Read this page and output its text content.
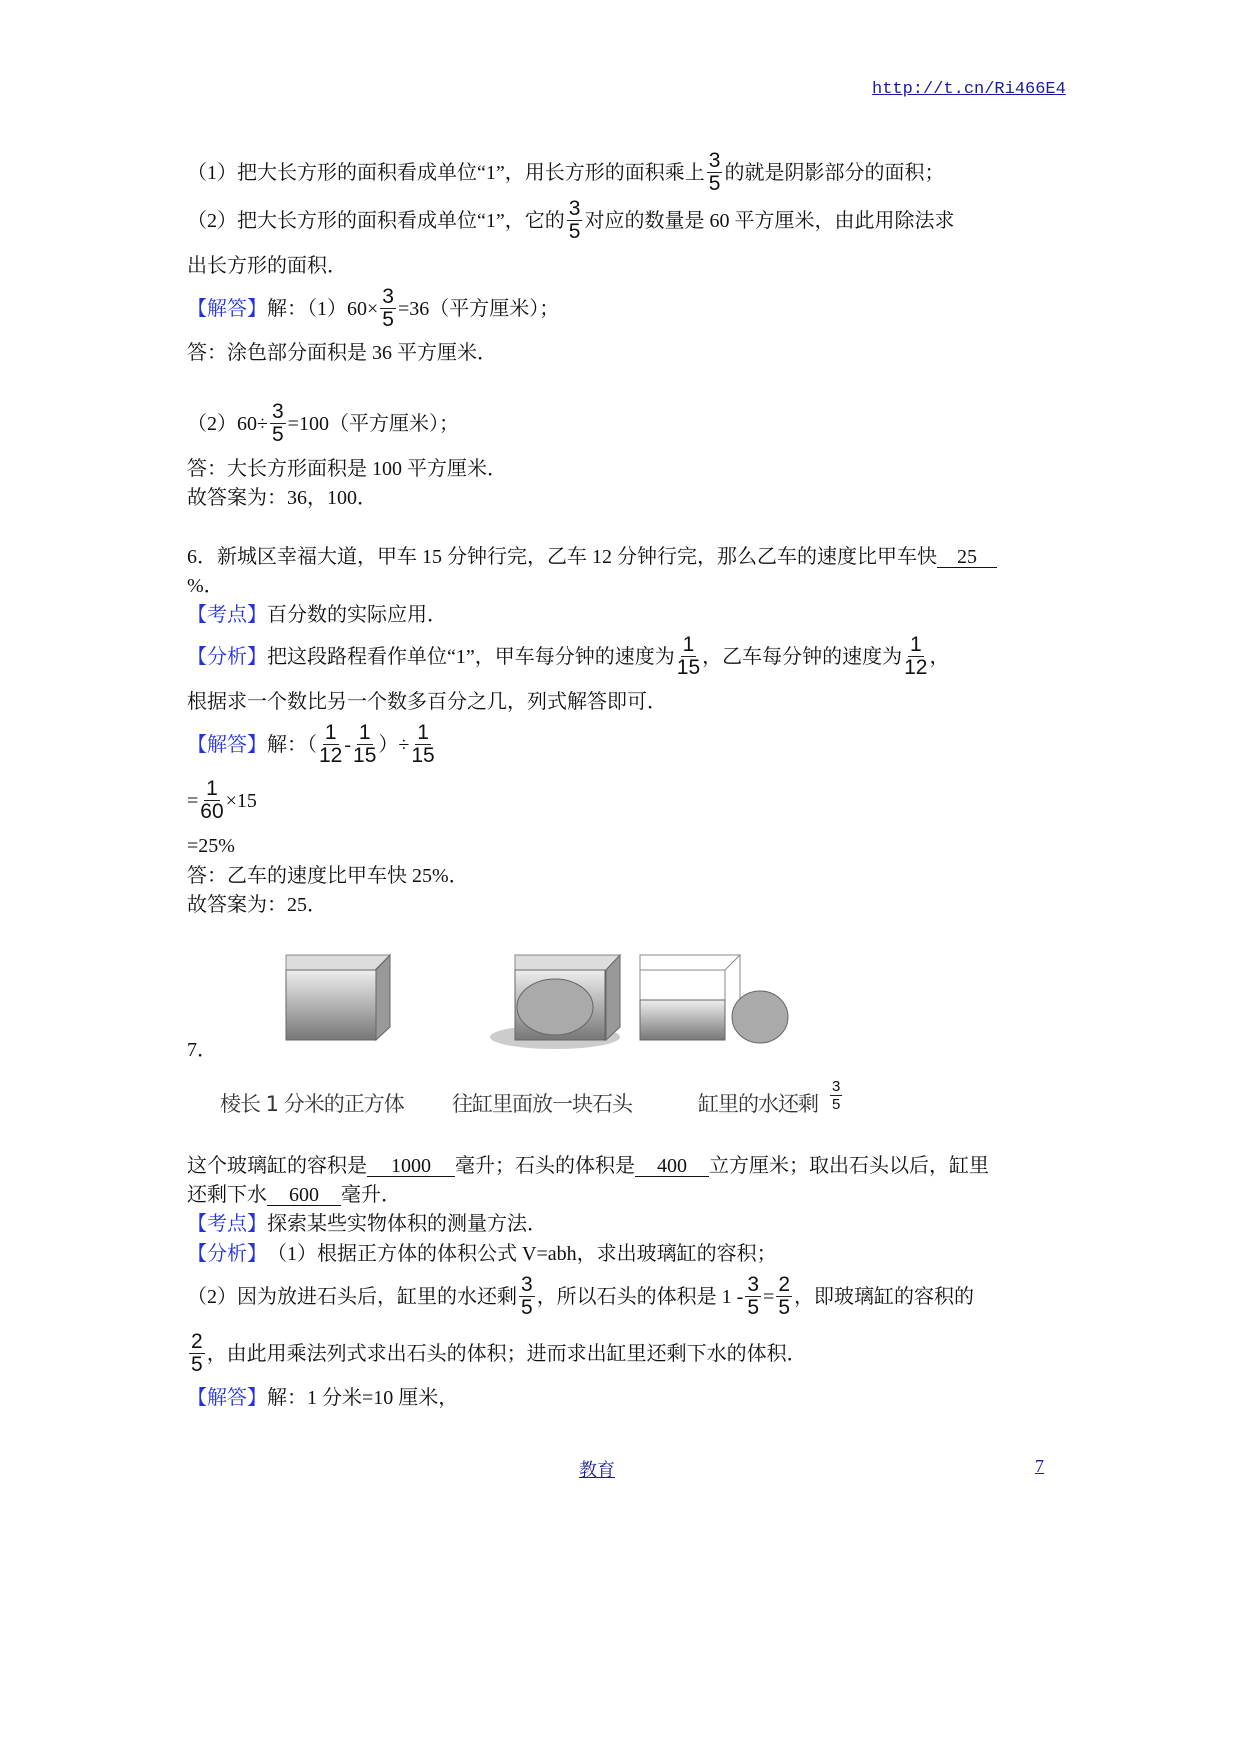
http://t.cn/Ri466E4
（1）把大长方形的面积看成单位“1”，用长方形的面积乘上 $\frac{3}{5}$ 的就是阴影部分的面积；
（2）把大长方形的面积看成单位“1”，它的 $\frac{3}{5}$ 对应的数量是 60 平方厘米，由此用除法求
出长方形的面积．
【解答】 解：$(1)60\times \frac{3}{5} =36$（平方厘米）；
答：涂色部分面积是 36 平方厘米．
$(2)60\div \frac{3}{5} =100$（平方厘米）；
答：大长方形面积是 100 平方厘米．
故答案为：36，100．
6．新城区幸福大道，甲车 15 分钟行完，乙车 12 分钟行完，那么乙车的速度比甲车快	25
%．
【考点】 百分数的实际应用．
【分析】 把这段路程看作单位“1”，甲车每分钟的速度为 $\frac{1}{15}$ ，乙车每分钟的速度为 $\frac{1}{12}$ ，
根据求一个数比另一个数多百分之几，列式解答即可．
【解答】 解：（ $\frac{1}{12} - \frac{1}{15}$ ）÷ $\frac{1}{15}$
= $\frac{1}{60} \times 15$
=25%
答：乙车的速度比甲车快 25%．
故答案为：25．
7．
棱长 1 分米的正方体 往缸里面放一块石头	缸里的水还剩 $\frac{3}{5}$
这个玻璃缸的容积是	1000	毫升；石头的体积是	400	立方厘米；取出石头以后，缸里
还剩下水	600	毫升．
【考点】 探索某些实物体积的测量方法．
【分析】 （1）根据正方体的体积公式 V=abh，求出玻璃缸的容积；
（2）因为放进石头后，缸里的水还剩 $\frac{3}{5}$ ，所以石头的体积是 $1 - \frac{3}{5} = \frac{2}{5}$ ，即玻璃缸的容积的
$\frac{2}{5}$ ，由此用乘法列式求出石头的体积；进而求出缸里还剩下水的体积．
【解答】 解：1 分米=10 厘米，
教育	7
